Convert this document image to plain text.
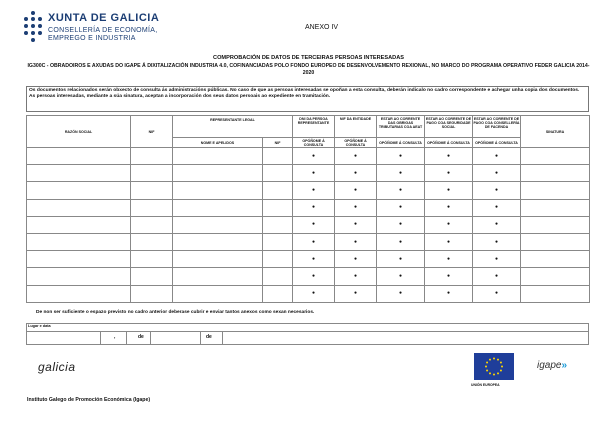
XUNTA DE GALICIA
CONSELLERÍA DE ECONOMÍA,
EMPREGO E INDUSTRIA
ANEXO IV
COMPROBACIÓN DE DATOS DE TERCEIRAS PERSOAS INTERESADAS
IG300C - OBRADOIROS E AXUDAS DO IGAPE Á DIXITALIZACIÓN INDUSTRIA 4.0, COFINANCIADAS POLO FONDO EUROPEO DE DESENVOLVEMENTO REXIONAL, NO MARCO DO PROGRAMA OPERATIVO FEDER GALICIA 2014-2020
Os documentos relacionados serán obxecto de consulta ás administracións públicas. No caso de que as persoas interesadas se opoñan a esta consulta, deberán indicalo no cadro correspondente e achegar unha copia dos documentos.
As persoas interesadas, mediante a súa sinatura, aceptan a incorporación dos seus datos persoais ao expediente en tramitación.
RAZÓN SOCIAL	NIF	REPRESENTANTE LEGAL		DNI DA PERSOA REPRESENTANTE	NIF DA ENTIDADE	ESTAR AO CORRENTE DAS OBRIGAS TRIBUTARIAS COA AEAT	ESTAR AO CORRENTE DE PAGO COA SEGURIDADE SOCIAL	ESTAR AO CORRENTE DE PAGO COA CONSELLERÍA DE FACENDA	SINATURA
		NOME E APELIDOS	NIF	OPÓÑOME Á CONSULTA	OPÓÑOME Á CONSULTA	OPÓÑOME Á CONSULTA	OPÓÑOME Á CONSULTA	OPÓÑOME Á CONSULTA	
				●	●	●	●	●	
				●	●	●	●	●	
				●	●	●	●	●	
				●	●	●	●	●	
				●	●	●	●	●	
				●	●	●	●	●	
				●	●	●	●	●	
				●	●	●	●	●	
				●	●	●	●	●	
De non ser suficiente o espazo previsto no cadro anterior deberase cubrir e enviar tantos anexos como sexan necesarios.
Lugar e data
,	de	de
galicia
UNIÓN EUROPEA
igape»
Instituto Galego de Promoción Económica (Igape)
